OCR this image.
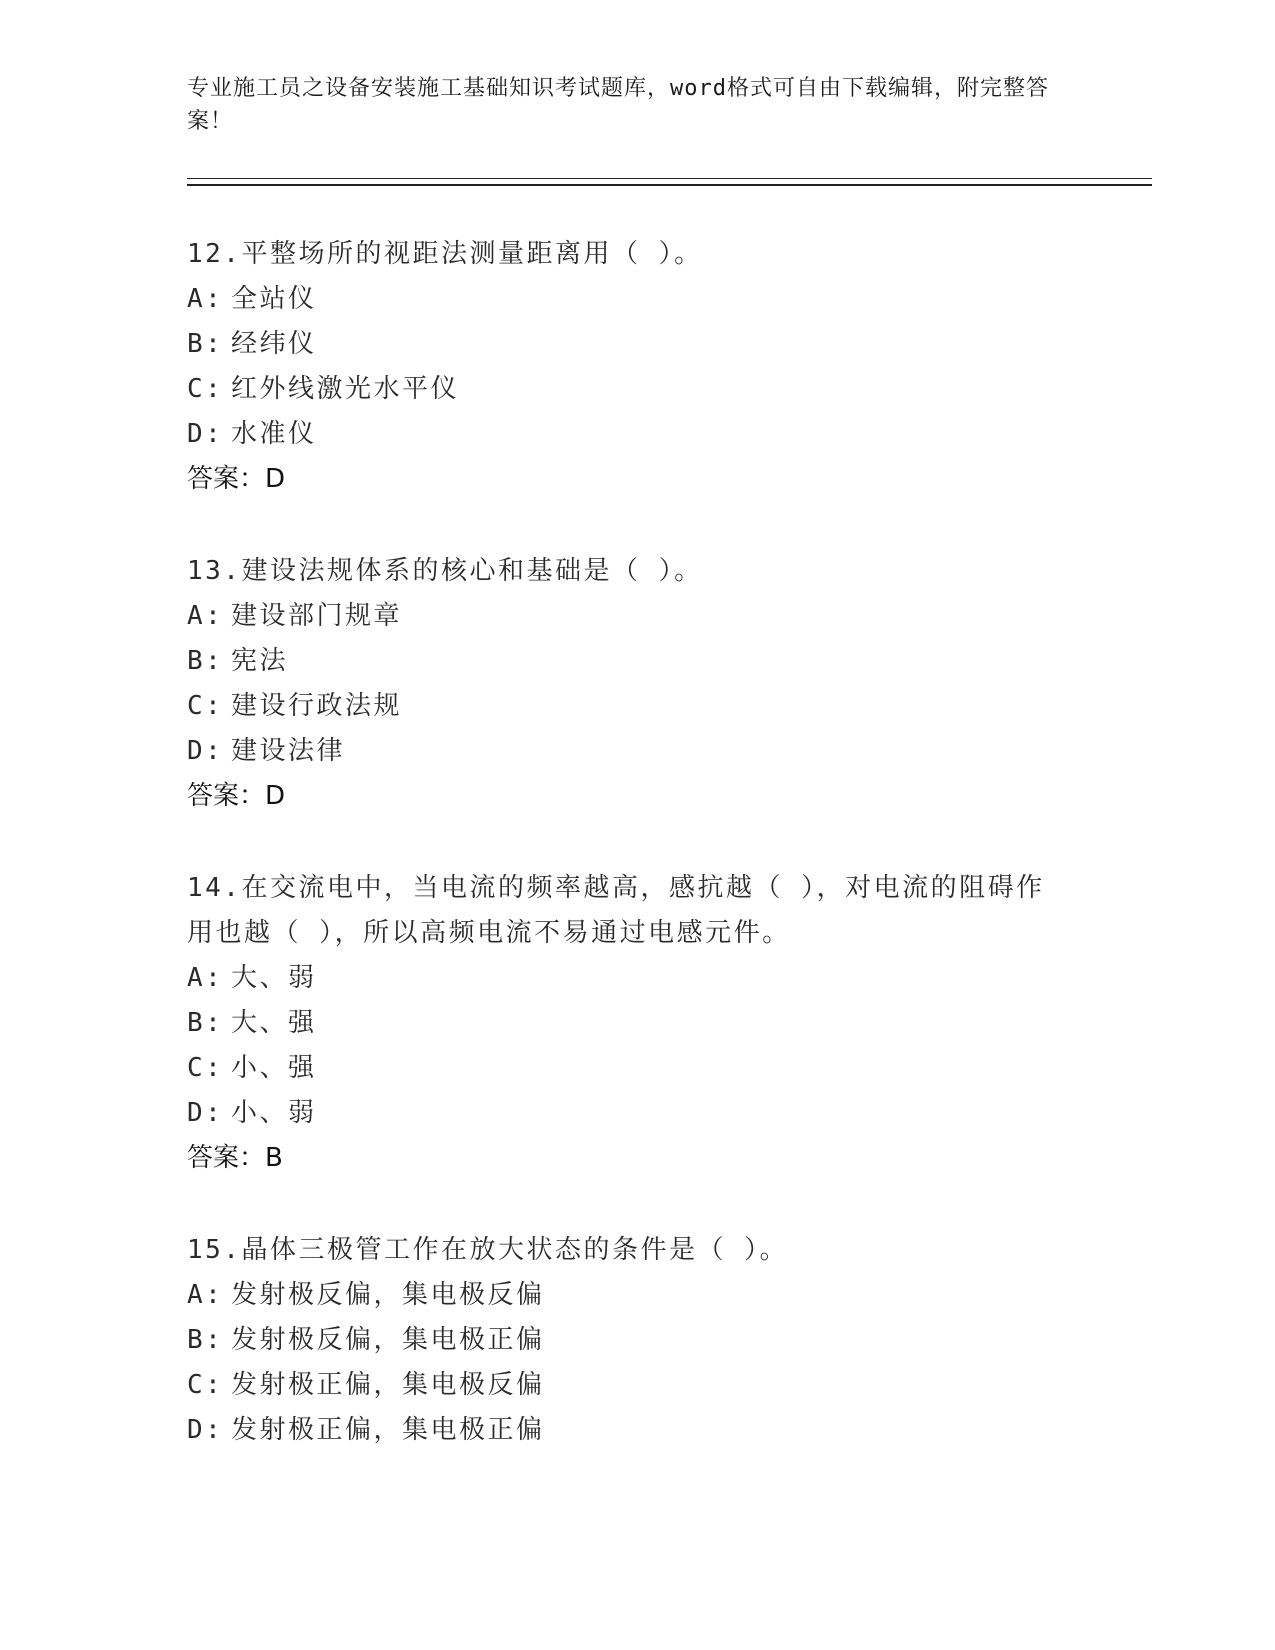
专业施工员之设备安装施工基础知识考试题库，word格式可自由下载编辑，附完整答案！
12.平整场所的视距法测量距离用（ ）。
A: 全站仪
B: 经纬仪
C: 红外线激光水平仪
D: 水准仪
答案：D
13.建设法规体系的核心和基础是（ ）。
A: 建设部门规章
B: 宪法
C: 建设行政法规
D: 建设法律
答案：D
14.在交流电中，当电流的频率越高，感抗越（ ），对电流的阻碍作用也越（ ），所以高频电流不易通过电感元件。
A: 大、弱
B: 大、强
C: 小、强
D: 小、弱
答案：B
15.晶体三极管工作在放大状态的条件是（ ）。
A: 发射极反偏，集电极反偏
B: 发射极反偏，集电极正偏
C: 发射极正偏，集电极反偏
D: 发射极正偏，集电极正偏
